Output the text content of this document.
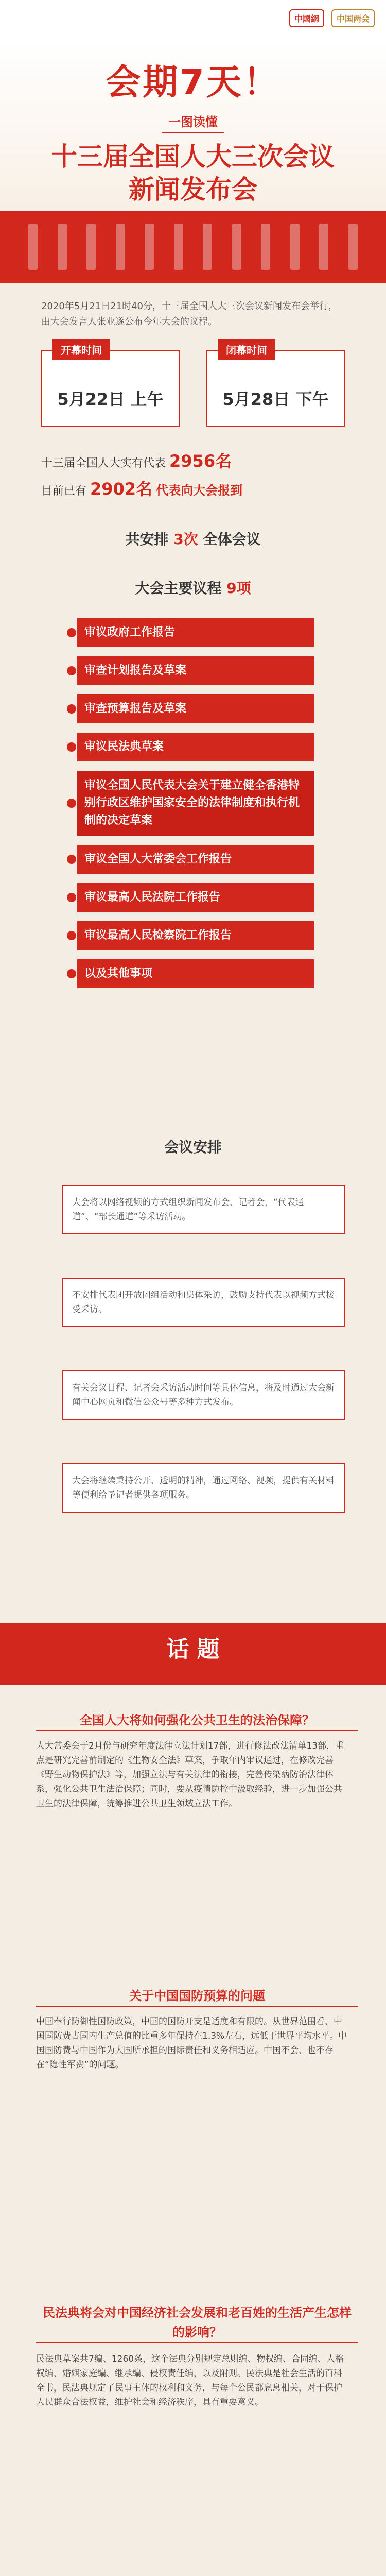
中國網	中国两会
会期7天！
一图读懂
十三届全国人大三次会议
新闻发布会
2020年5月21日21时40分，十三届全国人大三次会议新闻发布会举行，由大会发言人张业遂公布今年大会的议程。
开幕时间
5月22日 上午
闭幕时间
5月28日 下午
十三届全国人大实有代表 2956名
目前已有 2902名 代表向大会报到
共安排 3次 全体会议
大会主要议程 9项
审议政府工作报告
审查计划报告及草案
审查预算报告及草案
审议民法典草案
审议全国人民代表大会关于建立健全香港特别行政区维护国家安全的法律制度和执行机制的决定草案
审议全国人大常委会工作报告
审议最高人民法院工作报告
审议最高人民检察院工作报告
以及其他事项
会议安排
大会将以网络视频的方式组织新闻发布会、记者会，“代表通道”、“部长通道”等采访活动。
不安排代表团开放团组活动和集体采访，鼓励支持代表以视频方式接受采访。
有关会议日程、记者会采访活动时间等具体信息，将及时通过大会新闻中心网页和微信公众号等多种方式发布。
大会将继续秉持公开、透明的精神，通过网络、视频，提供有关材料等便利给予记者提供各项服务。
话 题
全国人大将如何强化公共卫生的法治保障？
人大常委会于2月份与研究年度法律立法计划17部，进行修法改法清单13部，重点是研究完善前制定的《生物安全法》草案，争取年内审议通过，在修改完善《野生动物保护法》等，加强立法与有关法律的衔接，完善传染病防治法律体系，强化公共卫生法治保障；同时，要从疫情防控中汲取经验，进一步加强公共卫生的法律保障，统筹推进公共卫生领域立法工作。
关于中国国防预算的问题
中国奉行防御性国防政策，中国的国防开支是适度和有限的。从世界范围看，中国国防费占国内生产总值的比重多年保持在1.3%左右，远低于世界平均水平。中国国防费与中国作为大国所承担的国际责任和义务相适应。中国不会、也不存在“隐性军费”的问题。
民法典将会对中国经济社会发展和老百姓的生活产生怎样的影响？
民法典草案共7编、1260条，这个法典分别规定总则编、物权编、合同编、人格权编、婚姻家庭编、继承编、侵权责任编，以及附则。民法典是社会生活的百科全书，民法典规定了民事主体的权利和义务，与每个公民都息息相关，对于保护人民群众合法权益，维护社会和经济秩序，具有重要意义。
